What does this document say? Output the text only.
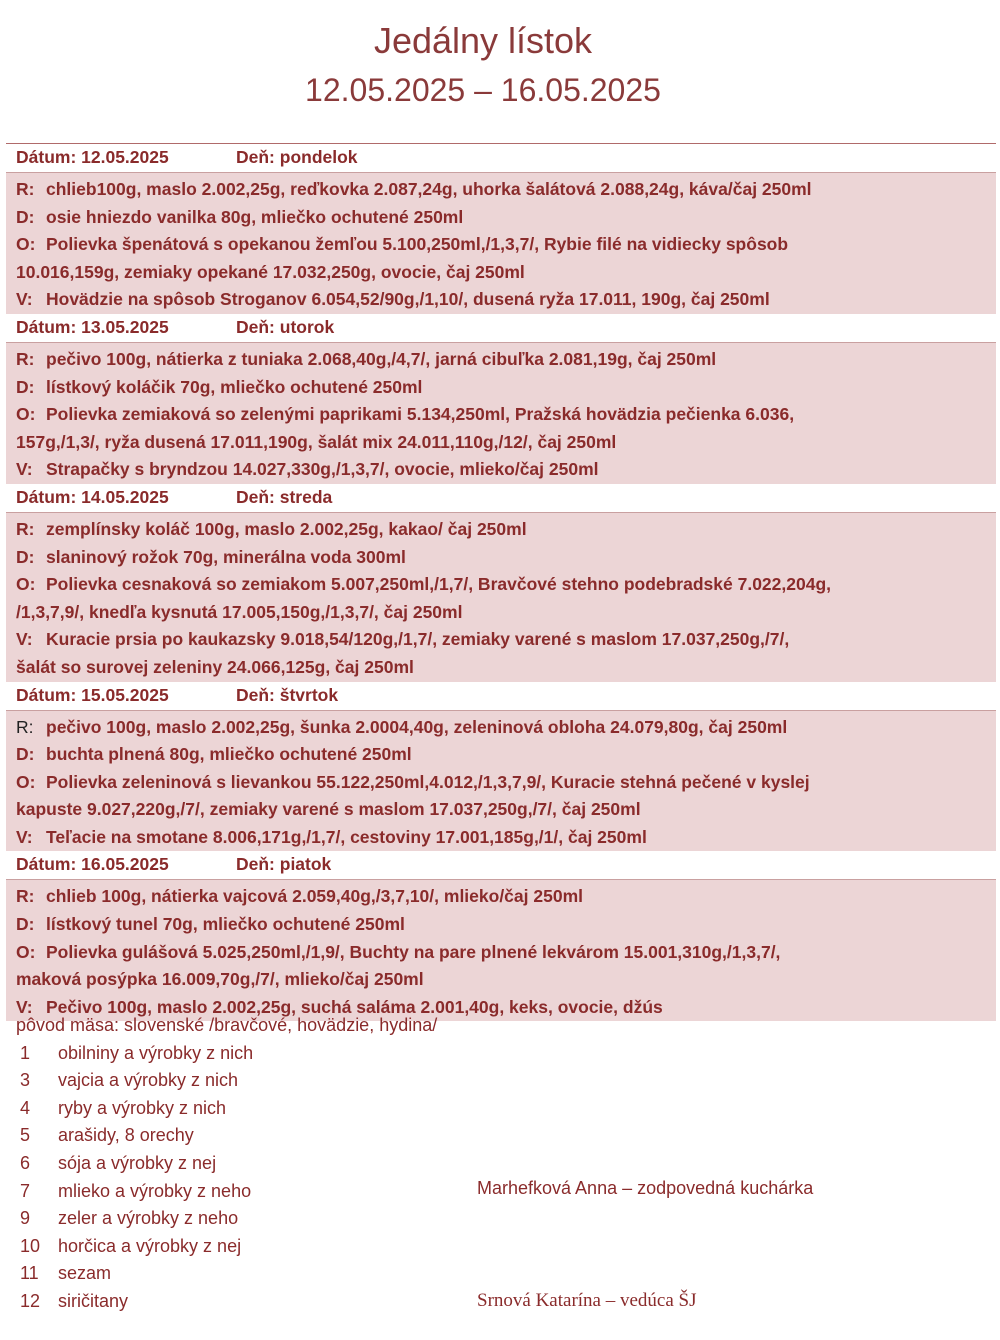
Jedálny lístok
12.05.2025 – 16.05.2025
Dátum: 12.05.2025	Deň: pondelok
R: chlieb100g, maslo 2.002,25g, reďkovka 2.087,24g, uhorka šalátová 2.088,24g, káva/čaj 250ml
D: osie hniezdo vanilka 80g, mliečko ochutené 250ml
O: Polievka špenátová s opekanou žemľou 5.100,250ml,/1,3,7/, Rybie filé na vidiecky spôsob
10.016,159g, zemiaky opekané 17.032,250g, ovocie, čaj 250ml
V: Hovädzie na spôsob Stroganov 6.054,52/90g,/1,10/, dusená ryža 17.011, 190g, čaj 250ml
Dátum: 13.05.2025	Deň: utorok
R: pečivo 100g, nátierka z tuniaka 2.068,40g,/4,7/, jarná cibuľka 2.081,19g, čaj 250ml
D: lístkový koláčik 70g, mliečko ochutené 250ml
O: Polievka zemiaková so zelenými paprikami 5.134,250ml, Pražská hovädzia pečienka 6.036,
157g,/1,3/, ryža dusená 17.011,190g, šalát mix 24.011,110g,/12/, čaj 250ml
V: Strapačky s bryndzou 14.027,330g,/1,3,7/, ovocie, mlieko/čaj 250ml
Dátum: 14.05.2025	Deň: streda
R: zemplínsky koláč 100g, maslo 2.002,25g, kakao/ čaj 250ml
D: slaninový rožok 70g, minerálna voda 300ml
O: Polievka cesnaková so zemiakom 5.007,250ml,/1,7/, Bravčové stehno podebradské 7.022,204g,
/1,3,7,9/, knedľa kysnutá 17.005,150g,/1,3,7/, čaj 250ml
V: Kuracie prsia po kaukazsky 9.018,54/120g,/1,7/, zemiaky varené s maslom 17.037,250g,/7/,
šalát so surovej zeleniny 24.066,125g, čaj 250ml
Dátum: 15.05.2025	Deň: štvrtok
R: pečivo 100g, maslo 2.002,25g, šunka 2.0004,40g, zeleninová obloha 24.079,80g, čaj 250ml
D: buchta plnená 80g, mliečko ochutené 250ml
O: Polievka zeleninová s lievankou 55.122,250ml,4.012,/1,3,7,9/, Kuracie stehná pečené v kyslej
kapuste 9.027,220g,/7/, zemiaky varené s maslom 17.037,250g,/7/, čaj 250ml
V: Teľacie na smotane 8.006,171g,/1,7/, cestoviny 17.001,185g,/1/, čaj 250ml
Dátum: 16.05.2025	Deň: piatok
R: chlieb 100g, nátierka vajcová 2.059,40g,/3,7,10/, mlieko/čaj 250ml
D: lístkový tunel 70g, mliečko ochutené 250ml
O: Polievka gulášová 5.025,250ml,/1,9/, Buchty na pare plnené lekvárom 15.001,310g,/1,3,7/,
maková posýpka 16.009,70g,/7/, mlieko/čaj 250ml
V: Pečivo 100g, maslo 2.002,25g, suchá saláma 2.001,40g, keks, ovocie, džús
pôvod mäsa: slovenské /bravčové, hovädzie, hydina/
1 obilniny a výrobky z nich
3 vajcia a výrobky z nich
4 ryby a výrobky z nich
5 arašidy, 8 orechy
6 sója a výrobky z nej
7 mlieko a výrobky z neho
9 zeler a výrobky z neho
10 horčica a výrobky z nej
11 sezam
12 siričitany
Marhefková Anna – zodpovedná kuchárka
Srnová Katarína – vedúca ŠJ
